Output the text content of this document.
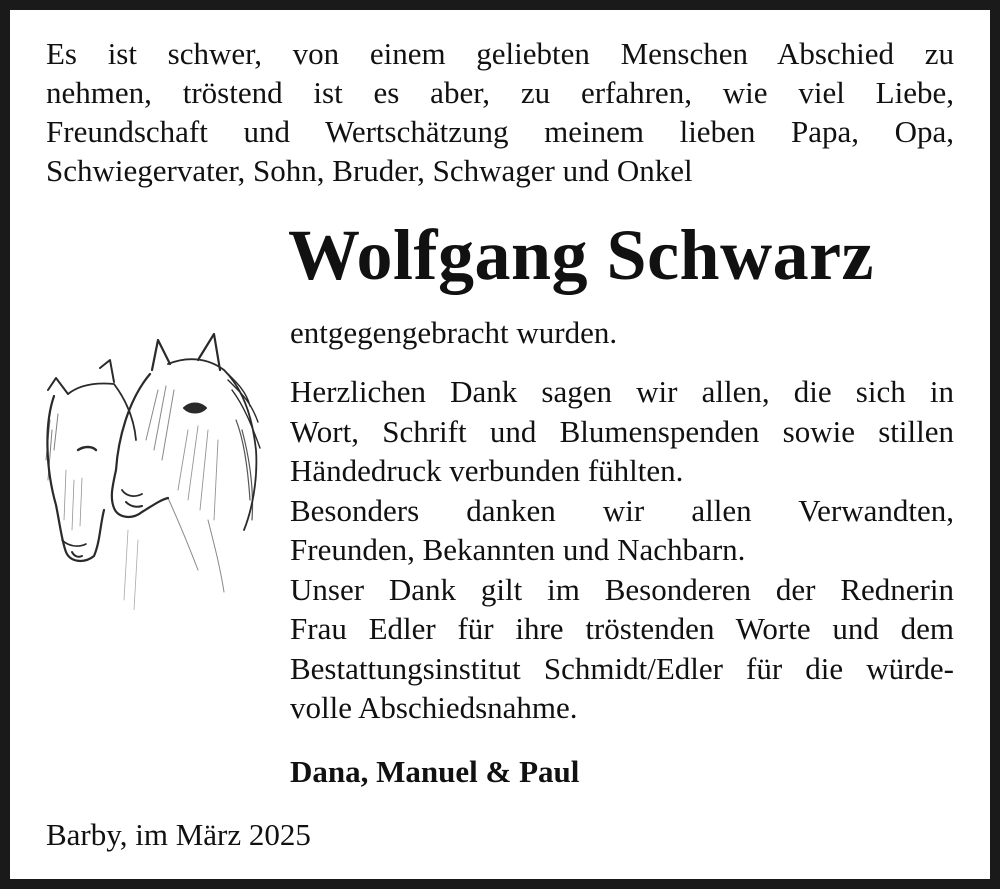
Es ist schwer, von einem geliebten Menschen Abschied zu
nehmen, tröstend ist es aber, zu erfahren, wie viel Liebe,
Freundschaft und Wertschätzung meinem lieben Papa, Opa,
Schwiegervater, Sohn, Bruder, Schwager und Onkel
Wolfgang Schwarz
entgegengebracht wurden.
Herzlichen Dank sagen wir allen, die sich in
Wort, Schrift und Blumenspenden sowie stillen
Händedruck verbunden fühlten.
Besonders danken wir allen Verwandten,
Freunden, Bekannten und Nachbarn.
Unser Dank gilt im Besonderen der Rednerin
Frau Edler für ihre tröstenden Worte und dem
Bestattungsinstitut Schmidt/Edler für die würde-
volle Abschiedsnahme.
Dana, Manuel & Paul
Barby, im März 2025
